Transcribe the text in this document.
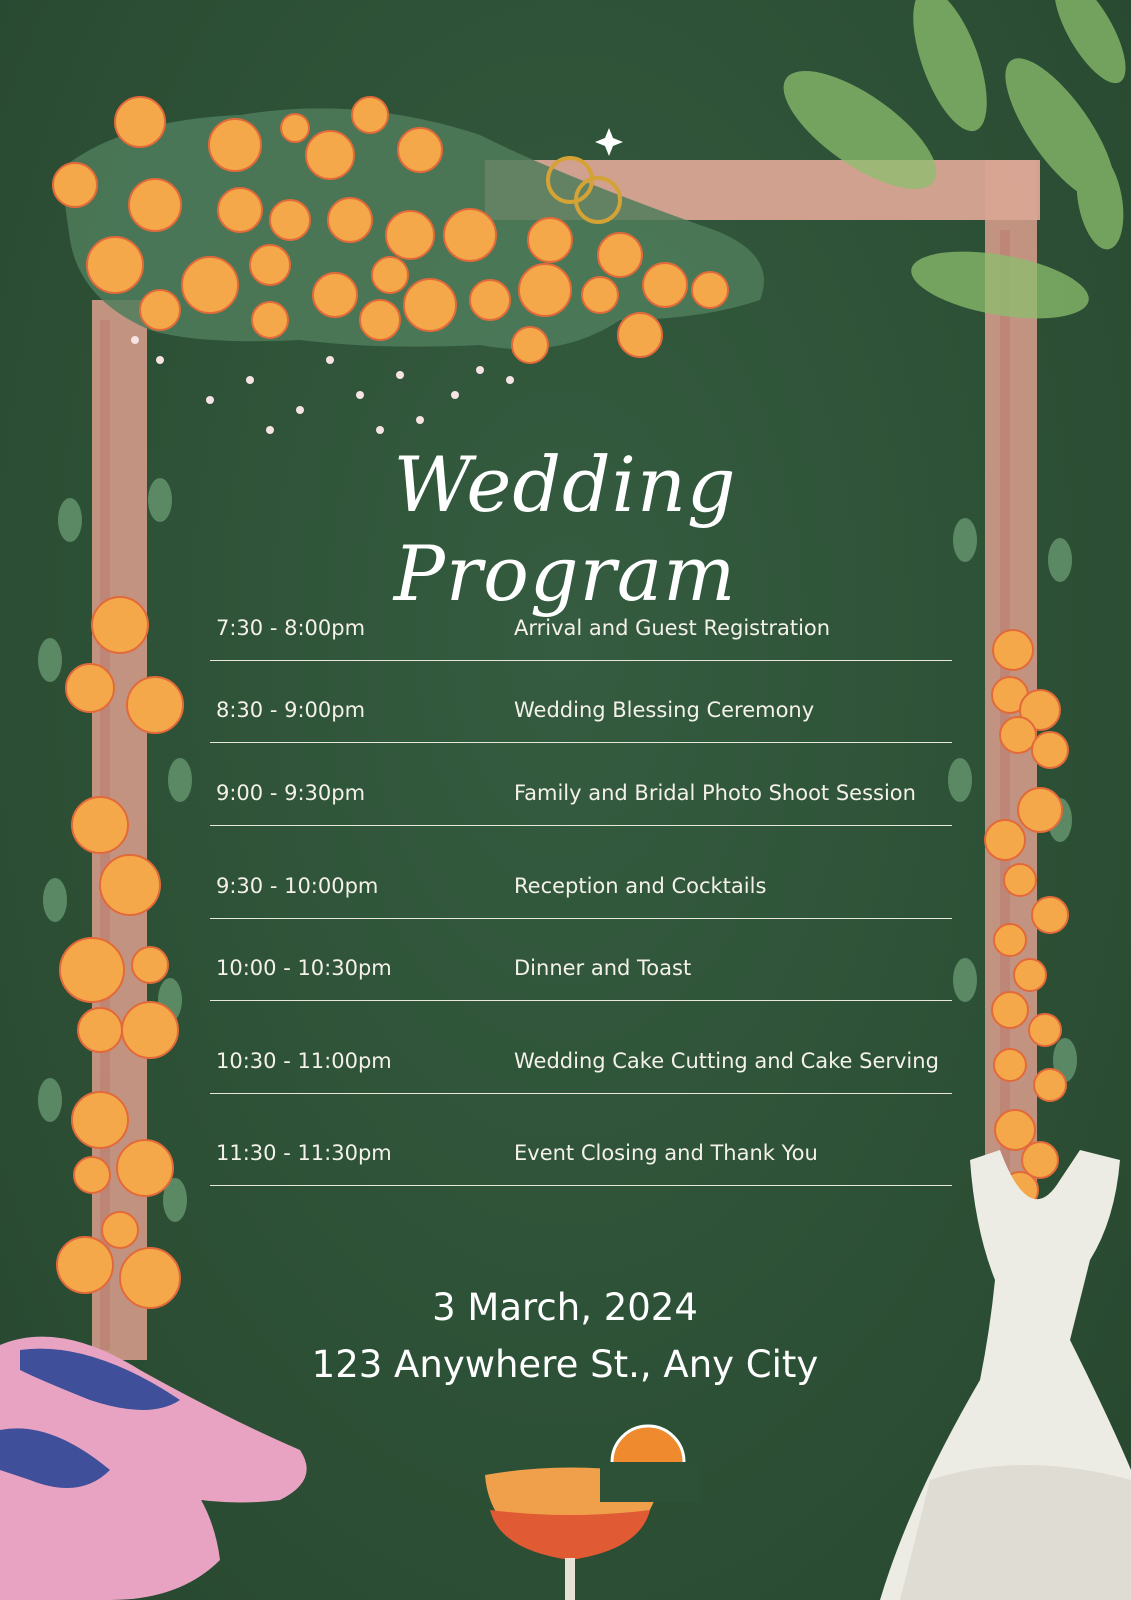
Wedding Program
7:30 - 8:00pm	Arrival and Guest Registration
8:30 - 9:00pm	Wedding Blessing Ceremony
9:00 - 9:30pm	Family and Bridal Photo Shoot Session
9:30 - 10:00pm	Reception and Cocktails
10:00 - 10:30pm	Dinner and Toast
10:30 - 11:00pm	Wedding Cake Cutting and Cake Serving
11:30 - 11:30pm	Event Closing and Thank You
3 March, 2024
123 Anywhere St., Any City
